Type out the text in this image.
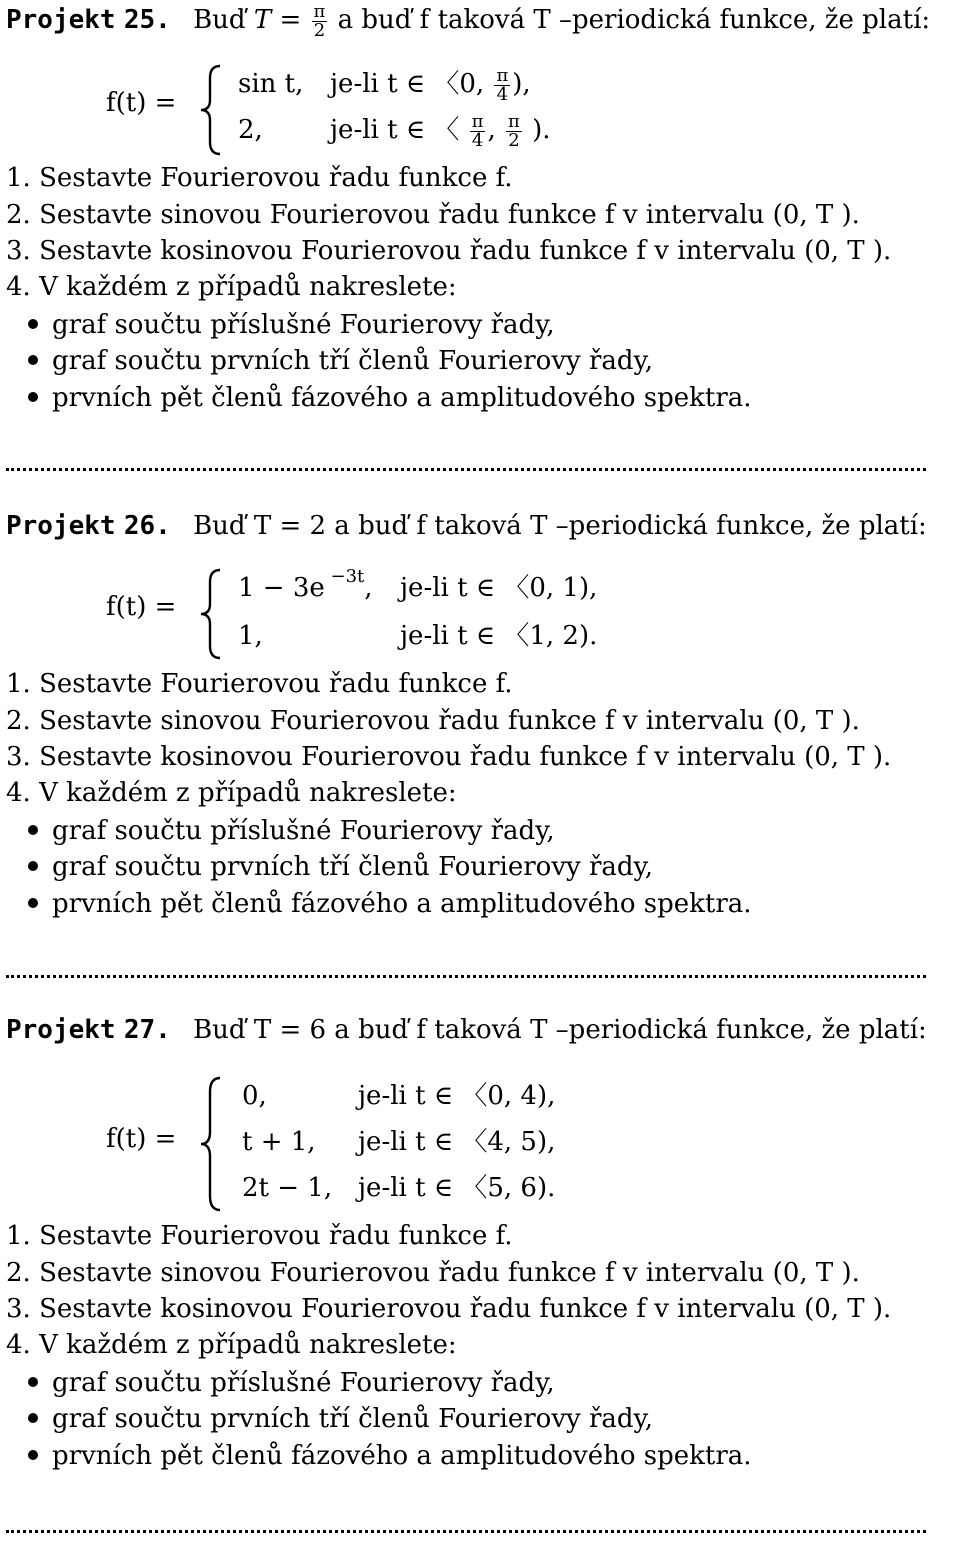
Projekt 25. Buď $T = \frac{\pi}{2}$ a buď f taková T –periodická funkce, že platí:
f(t) =
sin t, je-li t ∈ 〈0, $\frac{\pi}{4}$ ),
2,	je-li t ∈ 〈 $\frac{\pi}{4}$ , $\frac{\pi}{2}$ ).
1. Sestavte Fourierovou řadu funkce f.
2. Sestavte sinovou Fourierovou řadu funkce f v intervalu (0, T ).
3. Sestavte kosinovou Fourierovou řadu funkce f v intervalu (0, T ).
4. V každém z případů nakreslete:
graf součtu příslušné Fourierovy řady,
graf součtu prvních tří členů Fourierovy řady,
prvních pět členů fázového a amplitudového spektra.
Projekt 26. Buď T = 2 a buď f taková T –periodická funkce, že platí:
f(t) =
1 − 3e $^{-3t}$, je-li t ∈ 〈0, 1),
1,	je-li t ∈ 〈1, 2).
1. Sestavte Fourierovou řadu funkce f.
2. Sestavte sinovou Fourierovou řadu funkce f v intervalu (0, T ).
3. Sestavte kosinovou Fourierovou řadu funkce f v intervalu (0, T ).
4. V každém z případů nakreslete:
graf součtu příslušné Fourierovy řady,
graf součtu prvních tří členů Fourierovy řady,
prvních pět členů fázového a amplitudového spektra.
Projekt 27. Buď T = 6 a buď f taková T –periodická funkce, že platí:
f(t) =
0,	je-li t ∈ 〈0, 4),
t + 1, je-li t ∈ 〈4, 5),
2t − 1, je-li t ∈ 〈5, 6).
1. Sestavte Fourierovou řadu funkce f.
2. Sestavte sinovou Fourierovou řadu funkce f v intervalu (0, T ).
3. Sestavte kosinovou Fourierovou řadu funkce f v intervalu (0, T ).
4. V každém z případů nakreslete:
graf součtu příslušné Fourierovy řady,
graf součtu prvních tří členů Fourierovy řady,
prvních pět členů fázového a amplitudového spektra.
